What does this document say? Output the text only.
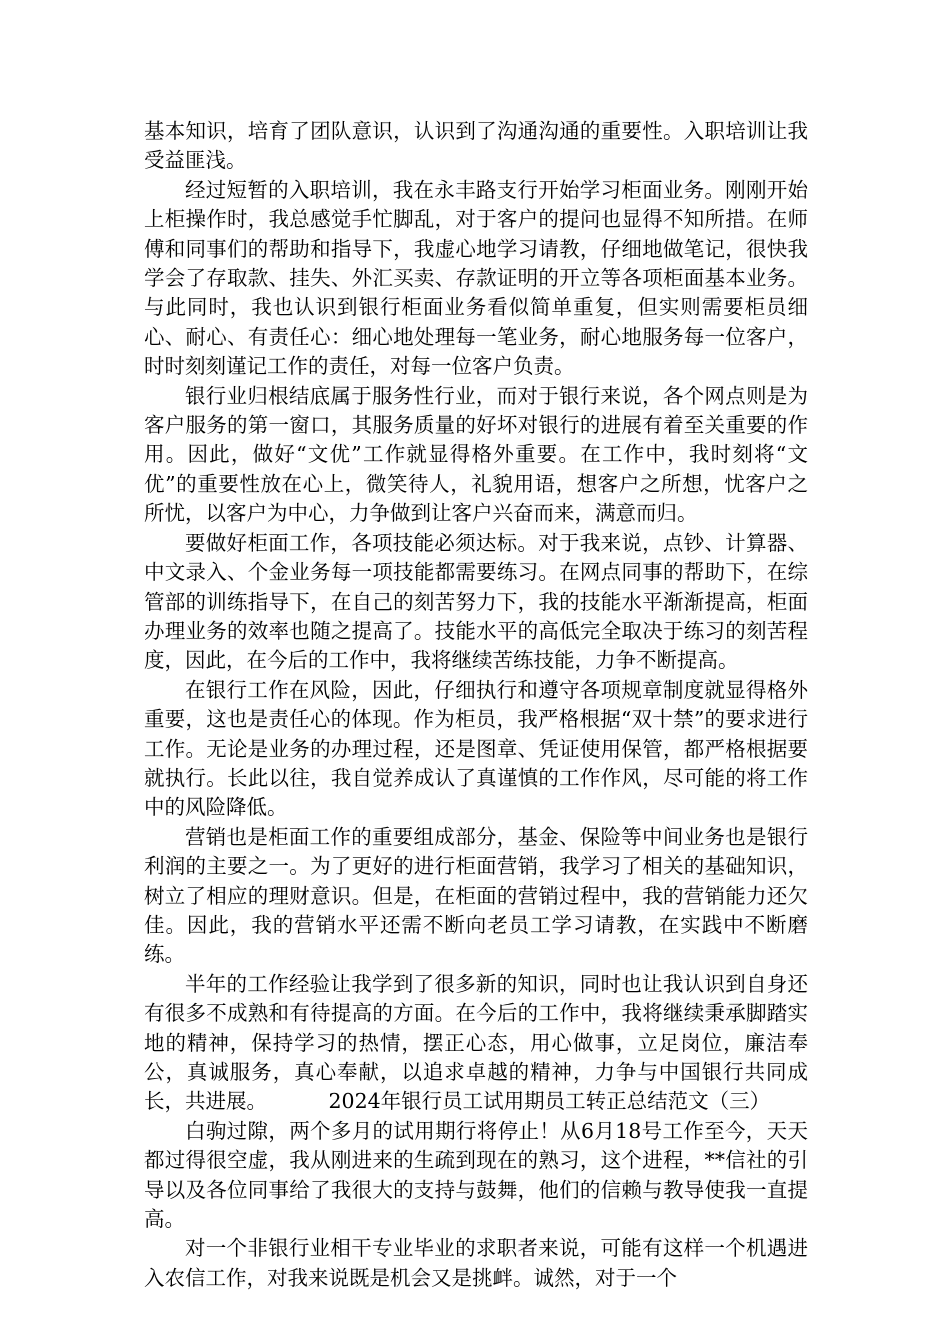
基本知识，培育了团队意识，认识到了沟通沟通的重要性。入职培训让我受益匪浅。

经过短暂的入职培训，我在永丰路支行开始学习柜面业务。刚刚开始上柜操作时，我总感觉手忙脚乱，对于客户的提问也显得不知所措。在师傅和同事们的帮助和指导下，我虚心地学习请教，仔细地做笔记，很快我学会了存取款、挂失、外汇买卖、存款证明的开立等各项柜面基本业务。与此同时，我也认识到银行柜面业务看似简单重复，但实则需要柜员细心、耐心、有责任心：细心地处理每一笔业务，耐心地服务每一位客户，时时刻刻谨记工作的责任，对每一位客户负责。

银行业归根结底属于服务性行业，而对于银行来说，各个网点则是为客户服务的第一窗口，其服务质量的好坏对银行的进展有着至关重要的作用。因此，做好“文优”工作就显得格外重要。在工作中，我时刻将“文优”的重要性放在心上，微笑待人，礼貌用语，想客户之所想，忧客户之所忧，以客户为中心，力争做到让客户兴奋而来，满意而归。

要做好柜面工作，各项技能必须达标。对于我来说，点钞、计算器、中文录入、个金业务每一项技能都需要练习。在网点同事的帮助下，在综管部的训练指导下，在自己的刻苦努力下，我的技能水平渐渐提高，柜面办理业务的效率也随之提高了。技能水平的高低完全取决于练习的刻苦程度，因此，在今后的工作中，我将继续苦练技能，力争不断提高。

在银行工作在风险，因此，仔细执行和遵守各项规章制度就显得格外重要，这也是责任心的体现。作为柜员，我严格根据“双十禁”的要求进行工作。无论是业务的办理过程，还是图章、凭证使用保管，都严格根据要就执行。长此以往，我自觉养成认了真谨慎的工作作风，尽可能的将工作中的风险降低。

营销也是柜面工作的重要组成部分，基金、保险等中间业务也是银行利润的主要之一。为了更好的进行柜面营销，我学习了相关的基础知识，树立了相应的理财意识。但是，在柜面的营销过程中，我的营销能力还欠佳。因此，我的营销水平还需不断向老员工学习请教，在实践中不断磨练。

半年的工作经验让我学到了很多新的知识，同时也让我认识到自身还有很多不成熟和有待提高的方面。在今后的工作中，我将继续秉承脚踏实地的精神，保持学习的热情，摆正心态，用心做事，立足岗位，廉洁奉公，真诚服务，真心奉献，以追求卓越的精神，力争与中国银行共同成长，共进展。   	2024年银行员工试用期员工转正总结范文（三）

白驹过隙，两个多月的试用期行将停止！从6月18号工作至今，天天都过得很空虚，我从刚进来的生疏到现在的熟习，这个进程，**信社的引导以及各位同事给了我很大的支持与鼓舞，他们的信赖与教导使我一直提高。

对一个非银行业相干专业毕业的求职者来说，可能有这样一个机遇进入农信工作，对我来说既是机会又是挑衅。诚然，对于一个
